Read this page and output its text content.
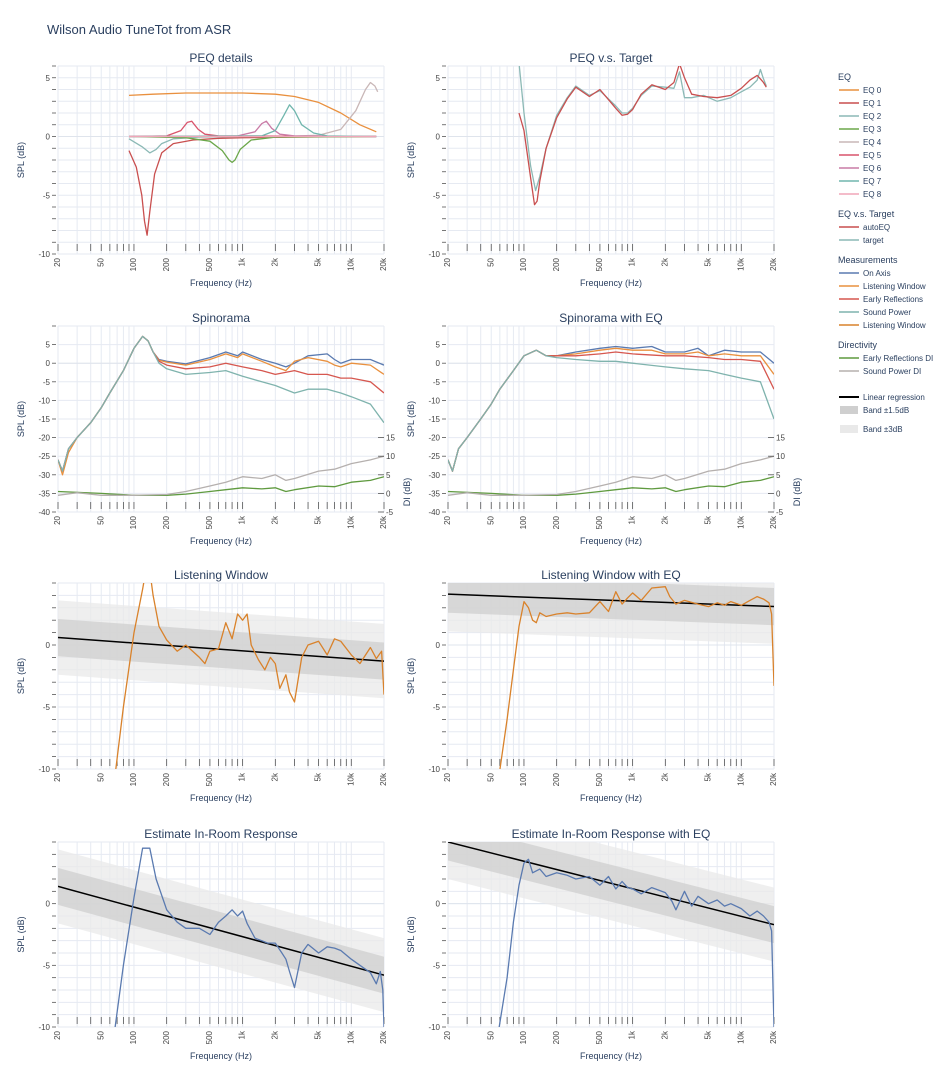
Wilson Audio TuneTot from ASR
PEQ details
20	50	100	200	500	1k	2k	5k	10k	20k
5
0
-5
-10
Frequency (Hz)
SPL (dB)
PEQ v.s. Target
20	50	100	200	500	1k	2k	5k	10k	20k
5
0
-5
-10
Frequency (Hz)
SPL (dB)
Spinorama
20	50	100	200	500	1k	2k	5k	10k	20k
5
0
-5
-10
-15
-20
-25
-30
-35
-40
15
10
5
0
-5
Frequency (Hz)
SPL (dB)
DI (dB)
Spinorama with EQ
20	50	100	200	500	1k	2k	5k	10k	20k
5
0
-5
-10
-15
-20
-25
-30
-35
-40
15
10
5
0
-5
Frequency (Hz)
SPL (dB)
DI (dB)
Listening Window
20	50	100	200	500	1k	2k	5k	10k	20k
0
-5
-10
Frequency (Hz)
SPL (dB)
Listening Window with EQ
20	50	100	200	500	1k	2k	5k	10k	20k
0
-5
-10
Frequency (Hz)
SPL (dB)
Estimate In-Room Response
20	50	100	200	500	1k	2k	5k	10k	20k
0
-5
-10
Frequency (Hz)
SPL (dB)
Estimate In-Room Response with EQ
20	50	100	200	500	1k	2k	5k	10k	20k
0
-5
-10
Frequency (Hz)
SPL (dB)
EQ
EQ 0
EQ 1
EQ 2
EQ 3
EQ 4
EQ 5
EQ 6
EQ 7
EQ 8
EQ v.s. Target
autoEQ
target
Measurements
On Axis
Listening Window
Early Reflections
Sound Power
Listening Window
Directivity
Early Reflections DI
Sound Power DI
Linear regression
Band ±1.5dB
Band ±3dB
